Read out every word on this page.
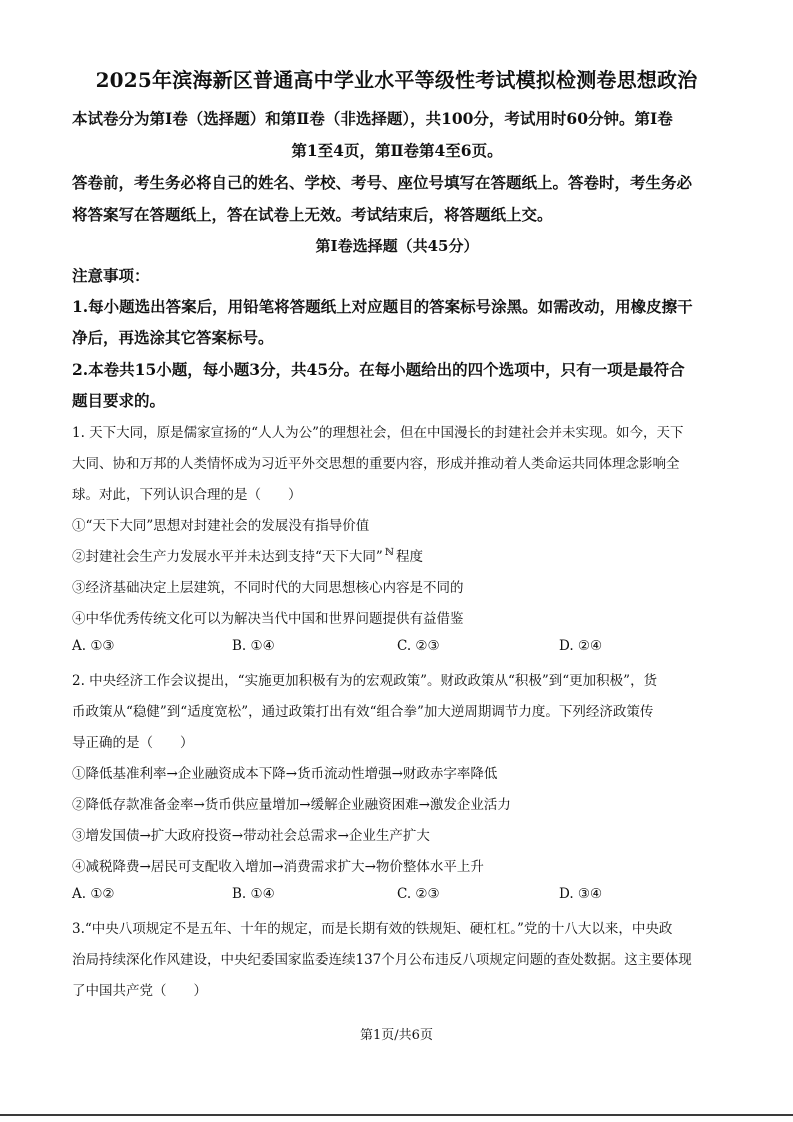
2025年滨海新区普通高中学业水平等级性考试模拟检测卷思想政治
本试卷分为第Ⅰ卷（选择题）和第Ⅱ卷（非选择题），共100分，考试用时60分钟。第Ⅰ卷
第1至4页，第Ⅱ卷第4至6页。
答卷前，考生务必将自己的姓名、学校、考号、座位号填写在答题纸上。答卷时，考生务必
将答案写在答题纸上，答在试卷上无效。考试结束后，将答题纸上交。
第Ⅰ卷选择题（共45分）
注意事项：
1.每小题选出答案后，用铅笔将答题纸上对应题目的答案标号涂黑。如需改动，用橡皮擦干
净后，再选涂其它答案标号。
2.本卷共15小题，每小题3分，共45分。在每小题给出的四个选项中，只有一项是最符合
题目要求的。
1. 天下大同，原是儒家宣扬的“人人为公”的理想社会，但在中国漫长的封建社会并未实现。如今，天下
大同、协和万邦的人类情怀成为习近平外交思想的重要内容，形成并推动着人类命运共同体理念影响全
球。对此，下列认识合理的是（　　）
①“天下大同”思想对封建社会的发展没有指导价值
②封建社会生产力发展水平并未达到支持“天下大同” $^ℕ$ 程度
③经济基础决定上层建筑，不同时代的大同思想核心内容是不同的
④中华优秀传统文化可以为解决当代中国和世界问题提供有益借鉴
A. ①③	B. ①④	C. ②③	D. ②④
2. 中央经济工作会议提出，“实施更加积极有为的宏观政策”。财政政策从“积极”到“更加积极”，货
币政策从“稳健”到“适度宽松”，通过政策打出有效“组合拳”加大逆周期调节力度。下列经济政策传
导正确的是（　　）
①降低基准利率→企业融资成本下降→货币流动性增强→财政赤字率降低
②降低存款准备金率→货币供应量增加→缓解企业融资困难→激发企业活力
③增发国债→扩大政府投资→带动社会总需求→企业生产扩大
④减税降费→居民可支配收入增加→消费需求扩大→物价整体水平上升
A. ①②	B. ①④	C. ②③	D. ③④
3.“中央八项规定不是五年、十年的规定，而是长期有效的铁规矩、硬杠杠。”党的十八大以来，中央政
治局持续深化作风建设，中央纪委国家监委连续137个月公布违反八项规定问题的查处数据。这主要体现
了中国共产党（　　）
第1页/共6页
